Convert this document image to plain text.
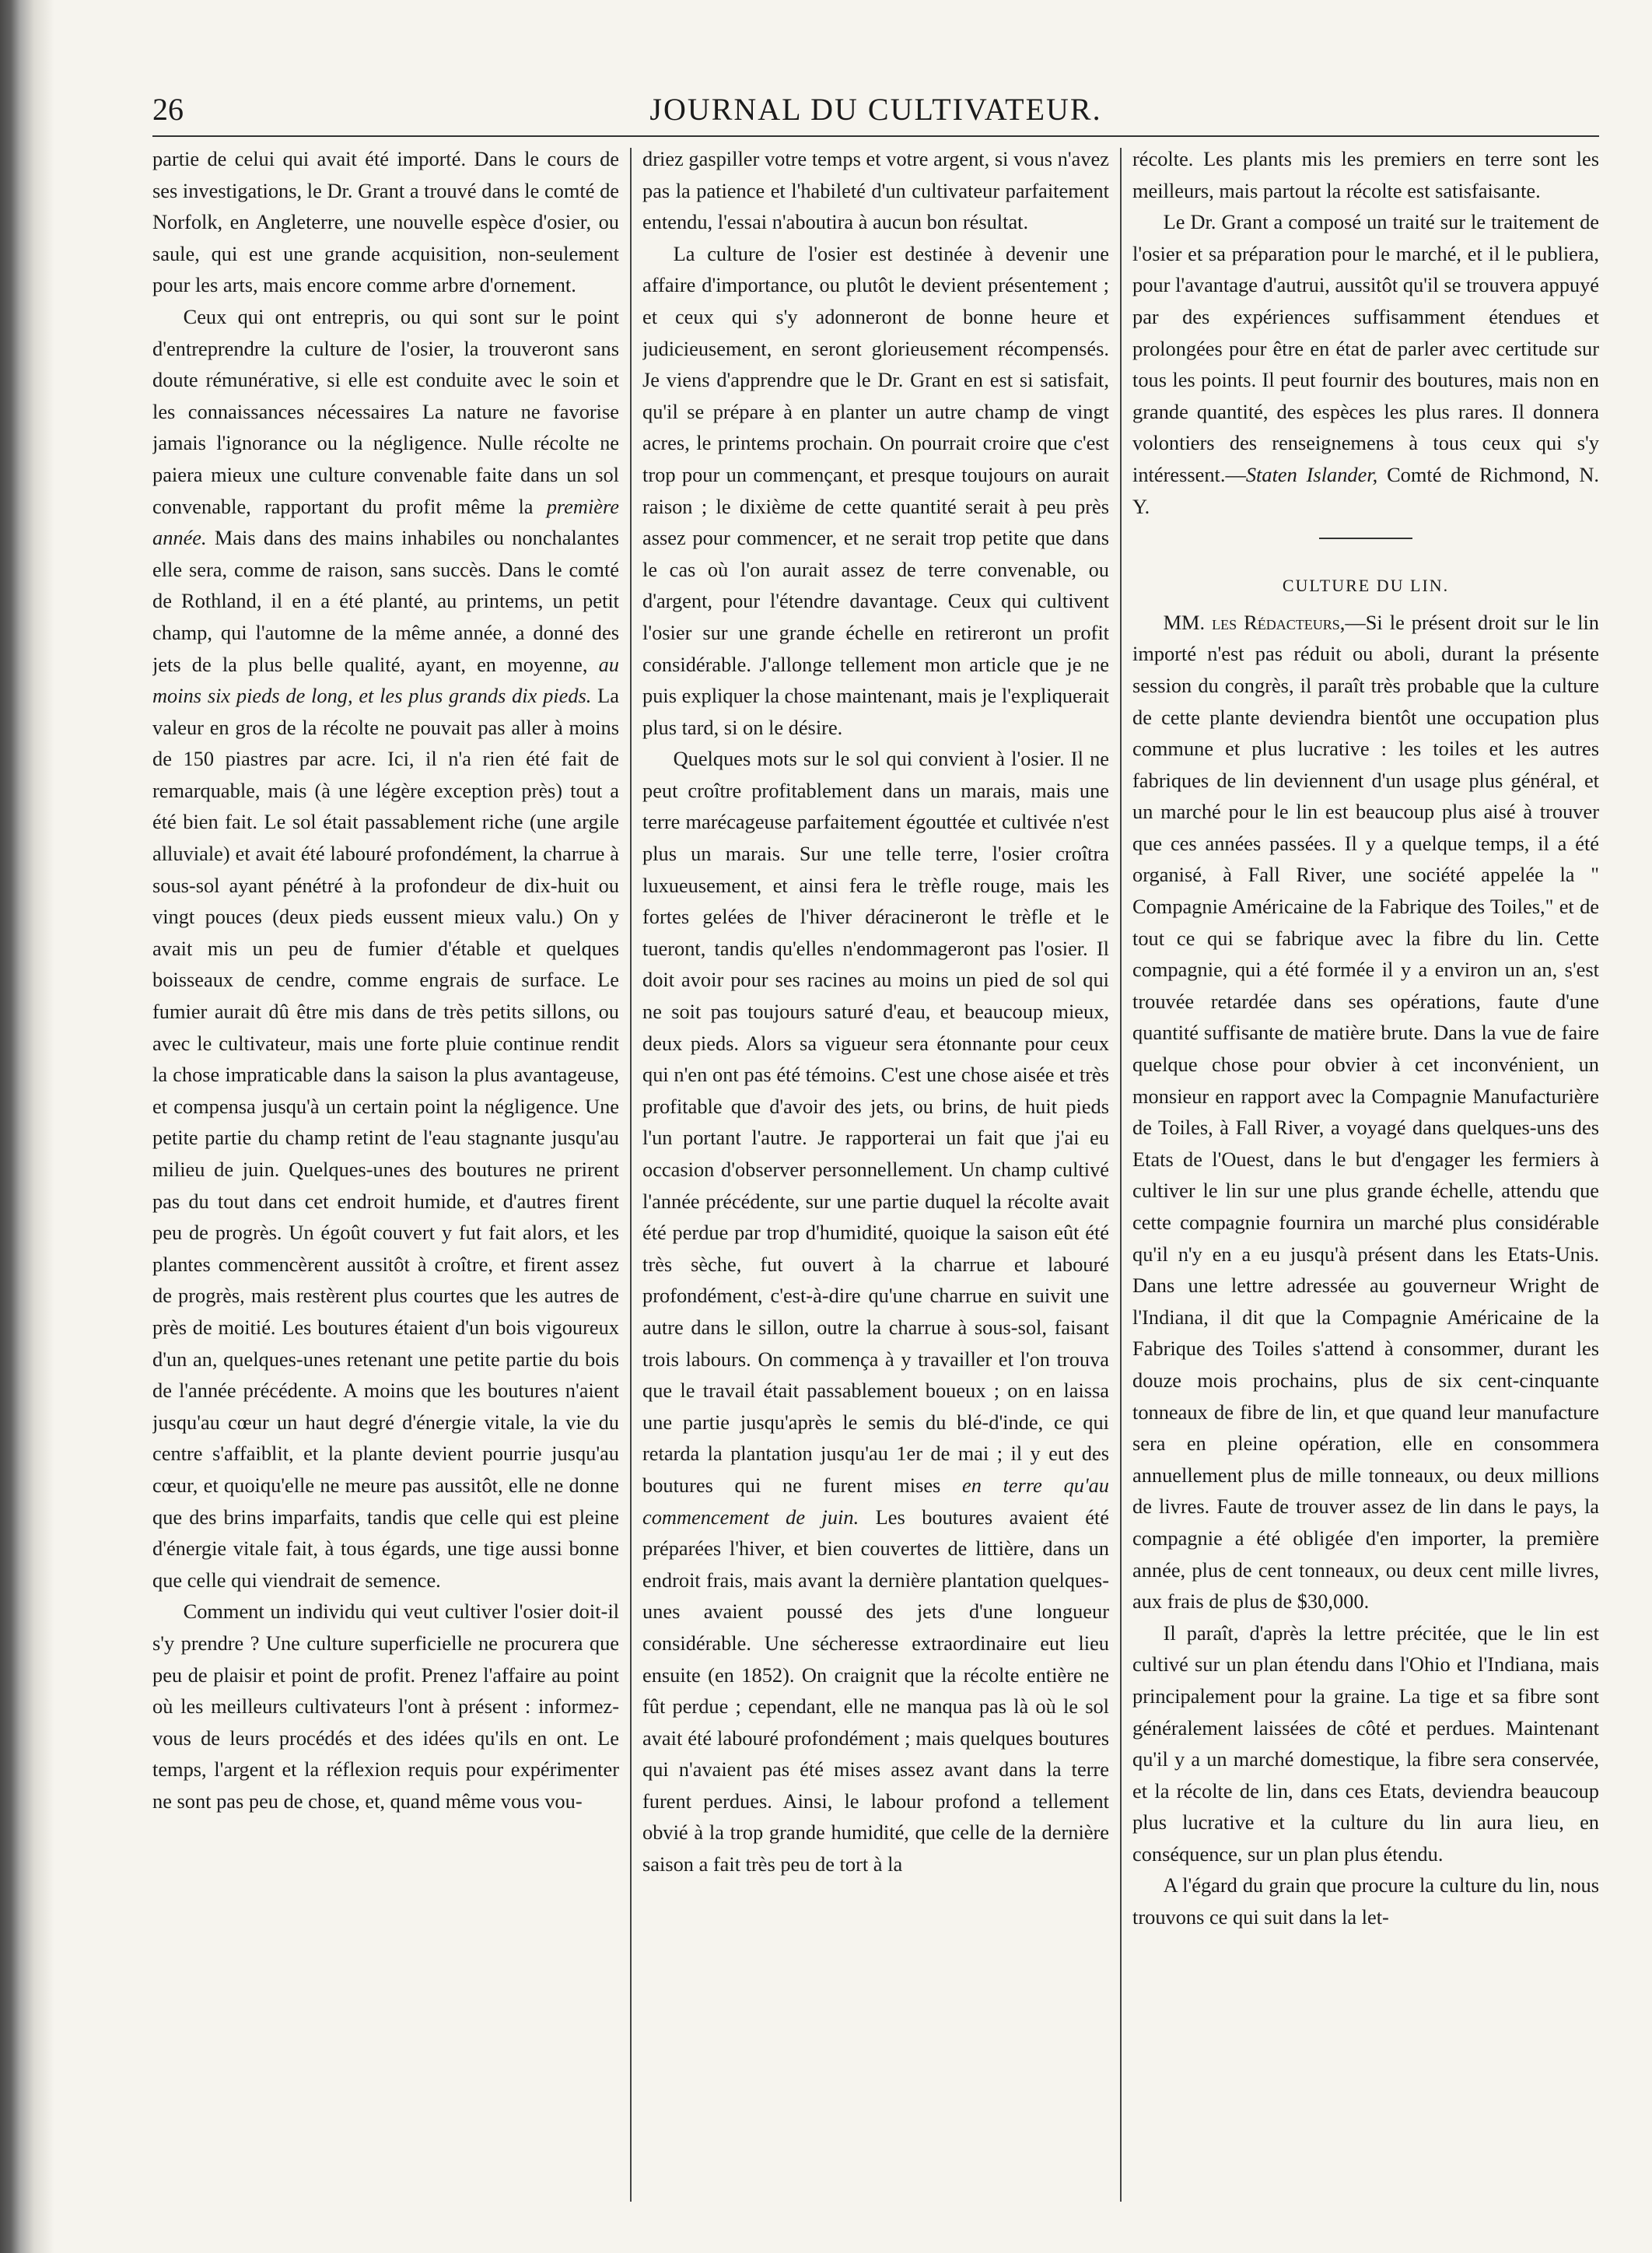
26	JOURNAL DU CULTIVATEUR.

partie de celui qui avait été importé. Dans le cours de ses investigations, le Dr. Grant a trouvé dans le comté de Norfolk, en Angleterre, une nouvelle espèce d'osier, ou saule, qui est une grande acquisition, non-seulement pour les arts, mais encore comme arbre d'ornement.

Ceux qui ont entrepris, ou qui sont sur le point d'entreprendre la culture de l'osier, la trouveront sans doute rémunérative, si elle est conduite avec le soin et les connaissances nécessaires La nature ne favorise jamais l'ignorance ou la négligence. Nulle récolte ne paiera mieux une culture convenable faite dans un sol convenable, rapportant du profit même la première année. Mais dans des mains inhabiles ou nonchalantes elle sera, comme de raison, sans succès. Dans le comté de Rothland, il en a été planté, au printems, un petit champ, qui l'automne de la même année, a donné des jets de la plus belle qualité, ayant, en moyenne, au moins six pieds de long, et les plus grands dix pieds. La valeur en gros de la récolte ne pouvait pas aller à moins de 150 piastres par acre. Ici, il n'a rien été fait de remarquable, mais (à une légère exception près) tout a été bien fait. Le sol était passablement riche (une argile alluviale) et avait été labouré profondément, la charrue à sous-sol ayant pénétré à la profondeur de dix-huit ou vingt pouces (deux pieds eussent mieux valu.) On y avait mis un peu de fumier d'étable et quelques boisseaux de cendre, comme engrais de surface. Le fumier aurait dû être mis dans de très petits sillons, ou avec le cultivateur, mais une forte pluie continue rendit la chose impraticable dans la saison la plus avantageuse, et compensa jusqu'à un certain point la négligence. Une petite partie du champ retint de l'eau stagnante jusqu'au milieu de juin. Quelques-unes des boutures ne prirent pas du tout dans cet endroit humide, et d'autres firent peu de progrès. Un égoût couvert y fut fait alors, et les plantes commencèrent aussitôt à croître, et firent assez de progrès, mais restèrent plus courtes que les autres de près de moitié. Les boutures étaient d'un bois vigoureux d'un an, quelques-unes retenant une petite partie du bois de l'année précédente. A moins que les boutures n'aient jusqu'au cœur un haut degré d'énergie vitale, la vie du centre s'affaiblit, et la plante devient pourrie jusqu'au cœur, et quoiqu'elle ne meure pas aussitôt, elle ne donne que des brins imparfaits, tandis que celle qui est pleine d'énergie vitale fait, à tous égards, une tige aussi bonne que celle qui viendrait de semence.

Comment un individu qui veut cultiver l'osier doit-il s'y prendre ? Une culture superficielle ne procurera que peu de plaisir et point de profit. Prenez l'affaire au point où les meilleurs cultivateurs l'ont à présent : informez-vous de leurs procédés et des idées qu'ils en ont. Le temps, l'argent et la réflexion requis pour expérimenter ne sont pas peu de chose, et, quand même vous vou-

driez gaspiller votre temps et votre argent, si vous n'avez pas la patience et l'habileté d'un cultivateur parfaitement entendu, l'essai n'aboutira à aucun bon résultat.

La culture de l'osier est destinée à devenir une affaire d'importance, ou plutôt le devient présentement ; et ceux qui s'y adonneront de bonne heure et judicieusement, en seront glorieusement récompensés. Je viens d'apprendre que le Dr. Grant en est si satisfait, qu'il se prépare à en planter un autre champ de vingt acres, le printems prochain. On pourrait croire que c'est trop pour un commençant, et presque toujours on aurait raison ; le dixième de cette quantité serait à peu près assez pour commencer, et ne serait trop petite que dans le cas où l'on aurait assez de terre convenable, ou d'argent, pour l'étendre davantage. Ceux qui cultivent l'osier sur une grande échelle en retireront un profit considérable. J'allonge tellement mon article que je ne puis expliquer la chose maintenant, mais je l'expliquerait plus tard, si on le désire.

Quelques mots sur le sol qui convient à l'osier. Il ne peut croître profitablement dans un marais, mais une terre marécageuse parfaitement égouttée et cultivée n'est plus un marais. Sur une telle terre, l'osier croîtra luxueusement, et ainsi fera le trèfle rouge, mais les fortes gelées de l'hiver déracineront le trèfle et le tueront, tandis qu'elles n'endommageront pas l'osier. Il doit avoir pour ses racines au moins un pied de sol qui ne soit pas toujours saturé d'eau, et beaucoup mieux, deux pieds. Alors sa vigueur sera étonnante pour ceux qui n'en ont pas été témoins. C'est une chose aisée et très profitable que d'avoir des jets, ou brins, de huit pieds l'un portant l'autre. Je rapporterai un fait que j'ai eu occasion d'observer personnellement. Un champ cultivé l'année précédente, sur une partie duquel la récolte avait été perdue par trop d'humidité, quoique la saison eût été très sèche, fut ouvert à la charrue et labouré profondément, c'est-à-dire qu'une charrue en suivit une autre dans le sillon, outre la charrue à sous-sol, faisant trois labours. On commença à y travailler et l'on trouva que le travail était passablement boueux ; on en laissa une partie jusqu'après le semis du blé-d'inde, ce qui retarda la plantation jusqu'au 1er de mai ; il y eut des boutures qui ne furent mises en terre qu'au commencement de juin. Les boutures avaient été préparées l'hiver, et bien couvertes de littière, dans un endroit frais, mais avant la dernière plantation quelques-unes avaient poussé des jets d'une longueur considérable. Une sécheresse extraordinaire eut lieu ensuite (en 1852). On craignit que la récolte entière ne fût perdue ; cependant, elle ne manqua pas là où le sol avait été labouré profondément ; mais quelques boutures qui n'avaient pas été mises assez avant dans la terre furent perdues. Ainsi, le labour profond a tellement obvié à la trop grande humidité, que celle de la dernière saison a fait très peu de tort à la

récolte. Les plants mis les premiers en terre sont les meilleurs, mais partout la récolte est satisfaisante.

Le Dr. Grant a composé un traité sur le traitement de l'osier et sa préparation pour le marché, et il le publiera, pour l'avantage d'autrui, aussitôt qu'il se trouvera appuyé par des expériences suffisamment étendues et prolongées pour être en état de parler avec certitude sur tous les points. Il peut fournir des boutures, mais non en grande quantité, des espèces les plus rares. Il donnera volontiers des renseignemens à tous ceux qui s'y intéressent.—Staten Islander, Comté de Richmond, N. Y.

CULTURE DU LIN.

MM. les Rédacteurs,—Si le présent droit sur le lin importé n'est pas réduit ou aboli, durant la présente session du congrès, il paraît très probable que la culture de cette plante deviendra bientôt une occupation plus commune et plus lucrative : les toiles et les autres fabriques de lin deviennent d'un usage plus général, et un marché pour le lin est beaucoup plus aisé à trouver que ces années passées. Il y a quelque temps, il a été organisé, à Fall River, une société appelée la " Compagnie Américaine de la Fabrique des Toiles," et de tout ce qui se fabrique avec la fibre du lin. Cette compagnie, qui a été formée il y a environ un an, s'est trouvée retardée dans ses opérations, faute d'une quantité suffisante de matière brute. Dans la vue de faire quelque chose pour obvier à cet inconvénient, un monsieur en rapport avec la Compagnie Manufacturière de Toiles, à Fall River, a voyagé dans quelques-uns des Etats de l'Ouest, dans le but d'engager les fermiers à cultiver le lin sur une plus grande échelle, attendu que cette compagnie fournira un marché plus considérable qu'il n'y en a eu jusqu'à présent dans les Etats-Unis. Dans une lettre adressée au gouverneur Wright de l'Indiana, il dit que la Compagnie Américaine de la Fabrique des Toiles s'attend à consommer, durant les douze mois prochains, plus de six cent-cinquante tonneaux de fibre de lin, et que quand leur manufacture sera en pleine opération, elle en consommera annuellement plus de mille tonneaux, ou deux millions de livres. Faute de trouver assez de lin dans le pays, la compagnie a été obligée d'en importer, la première année, plus de cent tonneaux, ou deux cent mille livres, aux frais de plus de $30,000.

Il paraît, d'après la lettre précitée, que le lin est cultivé sur un plan étendu dans l'Ohio et l'Indiana, mais principalement pour la graine. La tige et sa fibre sont généralement laissées de côté et perdues. Maintenant qu'il y a un marché domestique, la fibre sera conservée, et la récolte de lin, dans ces Etats, deviendra beaucoup plus lucrative et la culture du lin aura lieu, en conséquence, sur un plan plus étendu.

A l'égard du grain que procure la culture du lin, nous trouvons ce qui suit dans la let-
